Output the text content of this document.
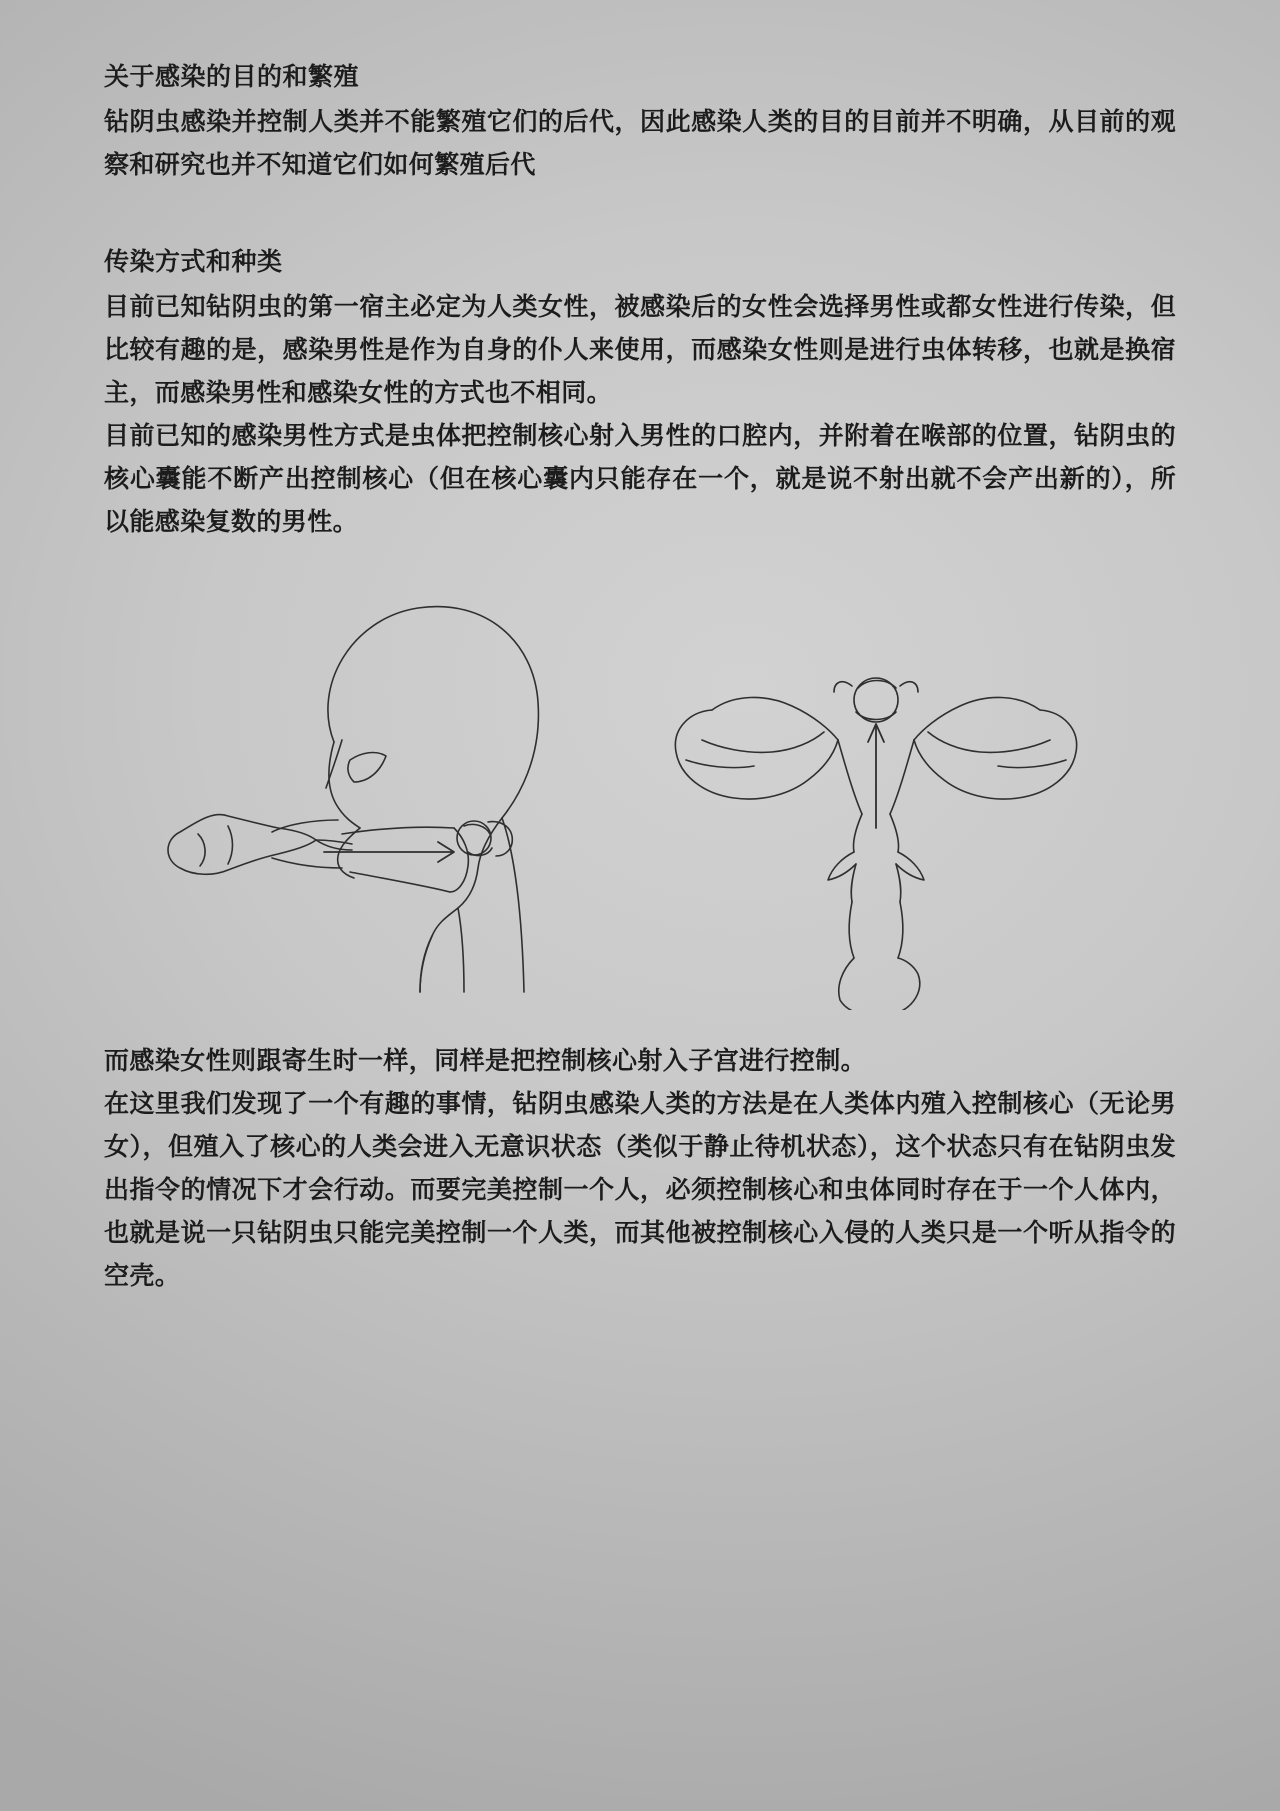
关于感染的目的和繁殖

钻阴虫感染并控制人类并不能繁殖它们的后代，因此感染人类的目的目前并不明确，从目前的观察和研究也并不知道它们如何繁殖后代

传染方式和种类

目前已知钻阴虫的第一宿主必定为人类女性，被感染后的女性会选择男性或都女性进行传染，但比较有趣的是，感染男性是作为自身的仆人来使用，而感染女性则是进行虫体转移，也就是换宿主，而感染男性和感染女性的方式也不相同。

目前已知的感染男性方式是虫体把控制核心射入男性的口腔内，并附着在喉部的位置，钻阴虫的核心囊能不断产出控制核心（但在核心囊内只能存在一个，就是说不射出就不会产出新的），所以能感染复数的男性。

而感染女性则跟寄生时一样，同样是把控制核心射入子宫进行控制。

在这里我们发现了一个有趣的事情，钻阴虫感染人类的方法是在人类体内殖入控制核心（无论男女），但殖入了核心的人类会进入无意识状态（类似于静止待机状态），这个状态只有在钻阴虫发出指令的情况下才会行动。而要完美控制一个人，必须控制核心和虫体同时存在于一个人体内，也就是说一只钻阴虫只能完美控制一个人类，而其他被控制核心入侵的人类只是一个听从指令的空壳。
